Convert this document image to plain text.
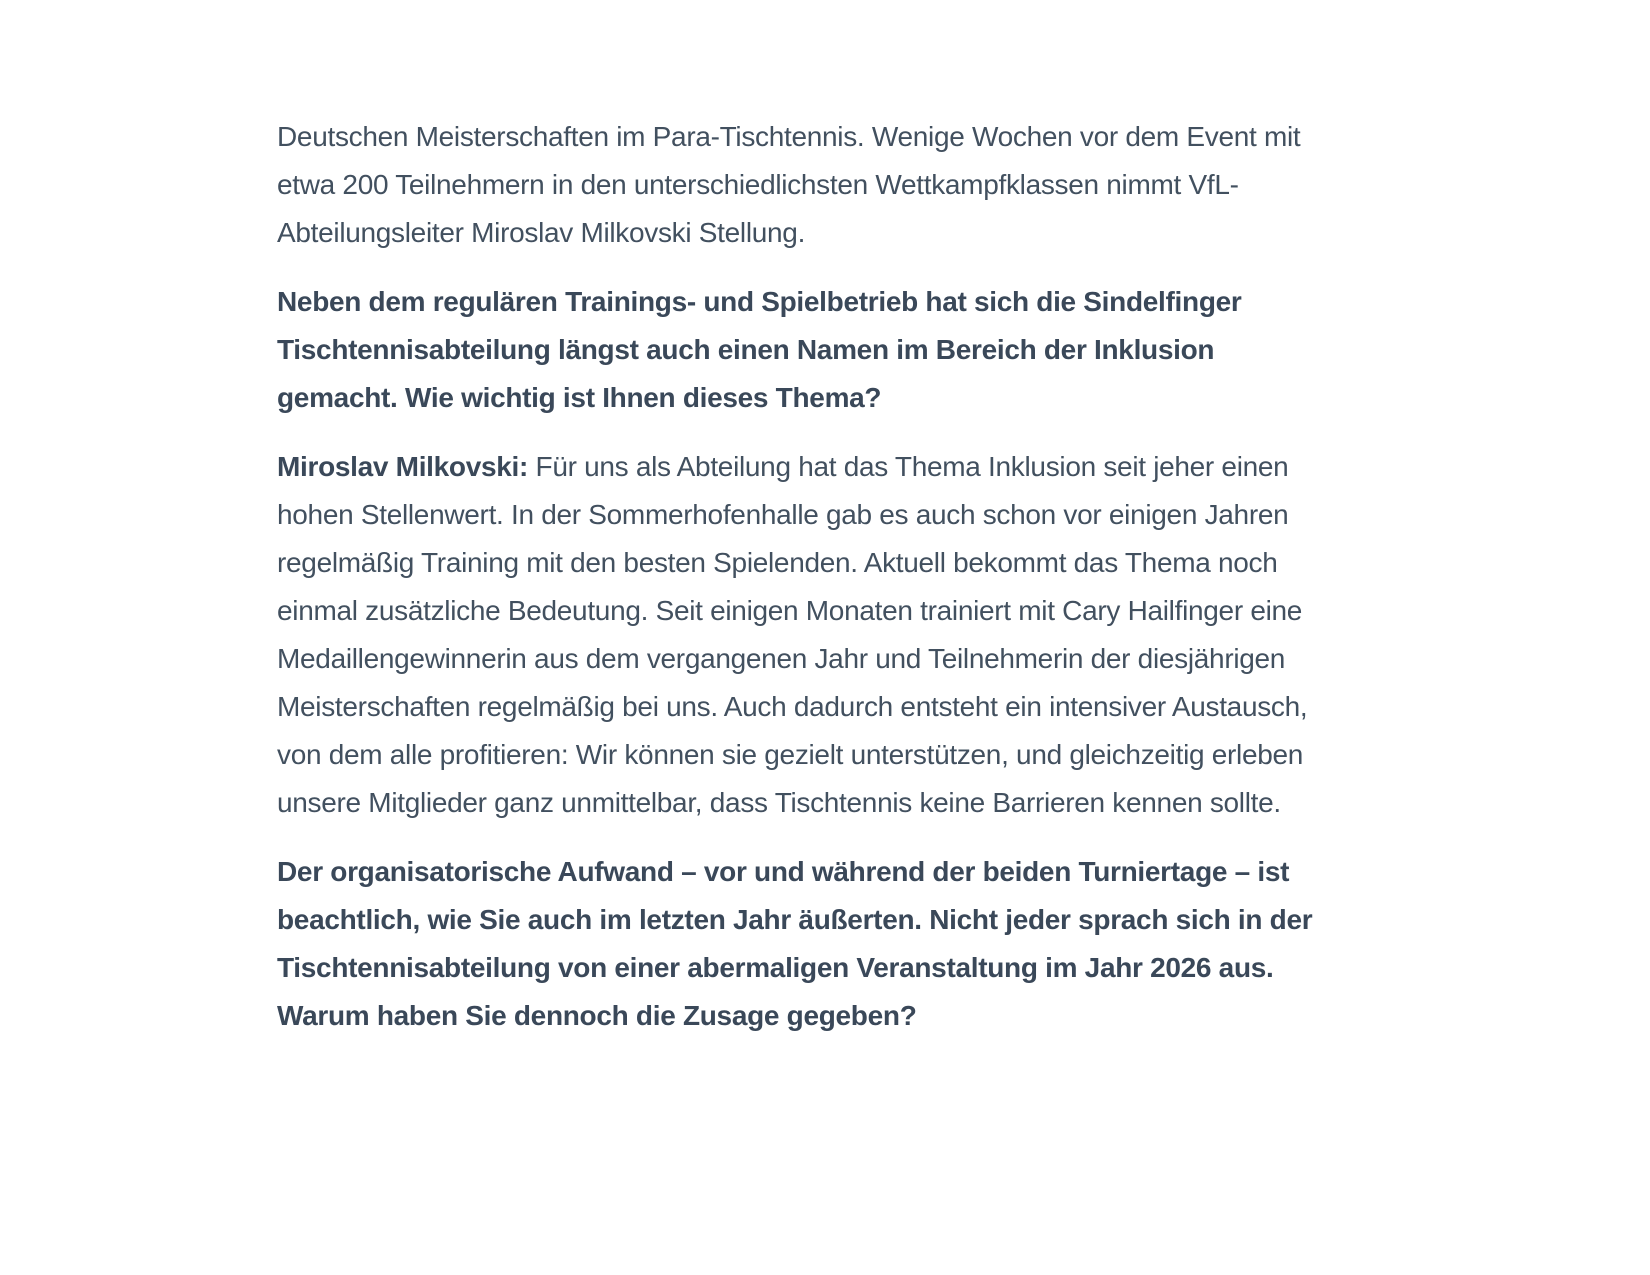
Deutschen Meisterschaften im Para-Tischtennis. Wenige Wochen vor dem Event mit etwa 200 Teilnehmern in den unterschiedlichsten Wettkampfklassen nimmt VfL-Abteilungsleiter Miroslav Milkovski Stellung.

Neben dem regulären Trainings- und Spielbetrieb hat sich die Sindelfinger Tischtennisabteilung längst auch einen Namen im Bereich der Inklusion gemacht. Wie wichtig ist Ihnen dieses Thema?

Miroslav Milkovski: Für uns als Abteilung hat das Thema Inklusion seit jeher einen hohen Stellenwert. In der Sommerhofenhalle gab es auch schon vor einigen Jahren regelmäßig Training mit den besten Spielenden. Aktuell bekommt das Thema noch einmal zusätzliche Bedeutung. Seit einigen Monaten trainiert mit Cary Hailfinger eine Medaillengewinnerin aus dem vergangenen Jahr und Teilnehmerin der diesjährigen Meisterschaften regelmäßig bei uns. Auch dadurch entsteht ein intensiver Austausch, von dem alle profitieren: Wir können sie gezielt unterstützen, und gleichzeitig erleben unsere Mitglieder ganz unmittelbar, dass Tischtennis keine Barrieren kennen sollte.

Der organisatorische Aufwand – vor und während der beiden Turniertage – ist beachtlich, wie Sie auch im letzten Jahr äußerten. Nicht jeder sprach sich in der Tischtennisabteilung von einer abermaligen Veranstaltung im Jahr 2026 aus. Warum haben Sie dennoch die Zusage gegeben?
